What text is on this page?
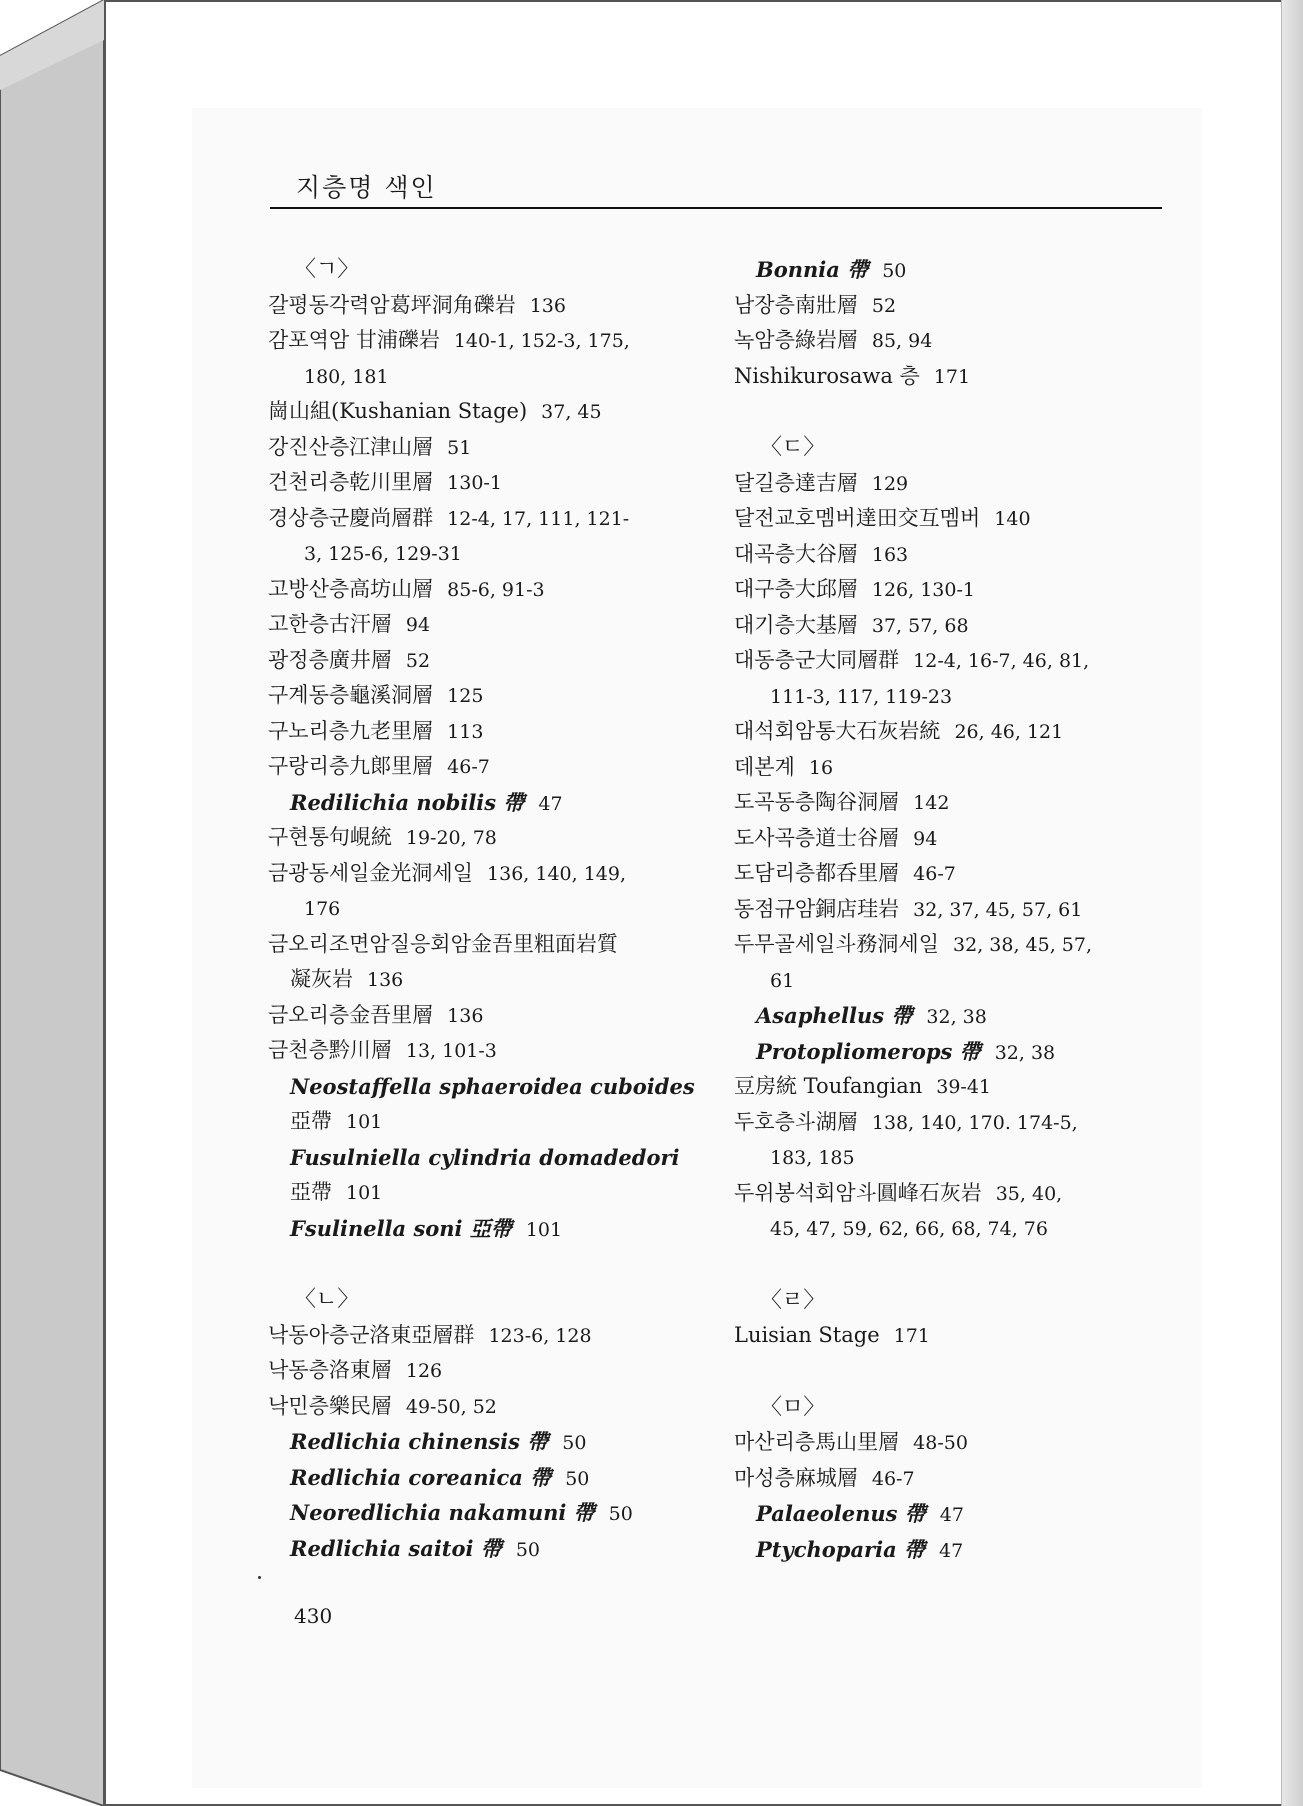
지층명 색인
〈ㄱ〉
갈평동각력암葛坪洞角礫岩 136
감포역암 甘浦礫岩 140-1, 152-3, 175,
180, 181
崗山組(Kushanian Stage) 37, 45
강진산층江津山層 51
건천리층乾川里層 130-1
경상층군慶尚層群 12-4, 17, 111, 121-
3, 125-6, 129-31
고방산층高坊山層 85-6, 91-3
고한층古汗層 94
광정층廣井層 52
구계동층龜溪洞層 125
구노리층九老里層 113
구랑리층九郞里層 46-7
Redilichia nobilis 帶 47
구현통句峴統 19-20, 78
금광동세일金光洞세일 136, 140, 149,
176
금오리조면암질응회암金吾里粗面岩質
凝灰岩 136
금오리층金吾里層 136
금천층黔川層 13, 101-3
Neostaffella sphaeroidea cuboides
亞帶 101
Fusulniella cylindria domadedori
亞帶 101
Fsulinella soni 亞帶 101
〈ㄴ〉
낙동아층군洛東亞層群 123-6, 128
낙동층洛東層 126
낙민층樂民層 49-50, 52
Redlichia chinensis 帶 50
Redlichia coreanica 帶 50
Neoredlichia nakamuni 帶 50
Redlichia saitoi 帶 50
Bonnia 帶 50
남장층南壯層 52
녹암층綠岩層 85, 94
Nishikurosawa 층 171
〈ㄷ〉
달길층達吉層 129
달전교호멤버達田交互멤버 140
대곡층大谷層 163
대구층大邱層 126, 130-1
대기층大基層 37, 57, 68
대동층군大同層群 12-4, 16-7, 46, 81,
111-3, 117, 119-23
대석회암통大石灰岩統 26, 46, 121
데본계 16
도곡동층陶谷洞層 142
도사곡층道士谷層 94
도담리층都呑里層 46-7
동점규암銅店珪岩 32, 37, 45, 57, 61
두무골세일斗務洞세일 32, 38, 45, 57,
61
Asaphellus 帶 32, 38
Protopliomerops 帶 32, 38
豆房統 Toufangian 39-41
두호층斗湖層 138, 140, 170. 174-5,
183, 185
두위봉석회암斗圓峰石灰岩 35, 40,
45, 47, 59, 62, 66, 68, 74, 76
〈ㄹ〉
Luisian Stage 171
〈ㅁ〉
마산리층馬山里層 48-50
마성층麻城層 46-7
Palaeolenus 帶 47
Ptychoparia 帶 47
430
